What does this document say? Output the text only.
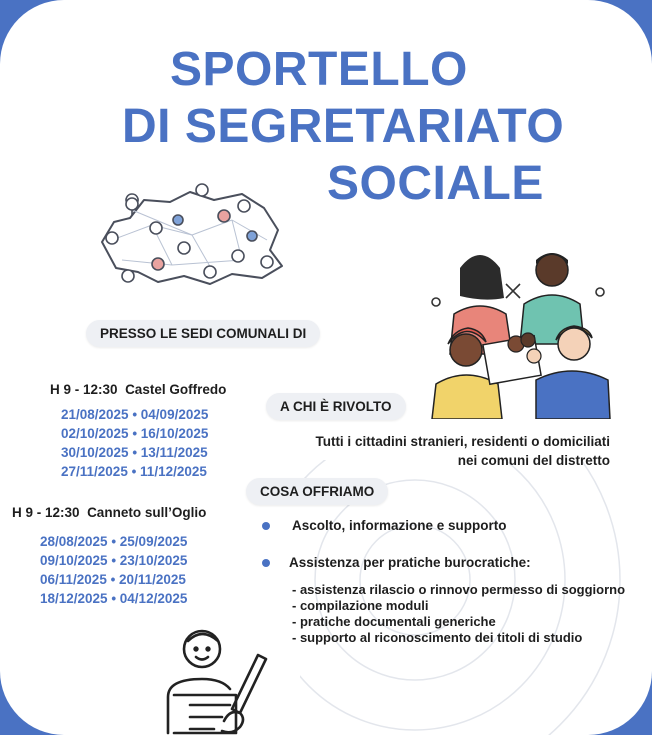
SPORTELLO
DI SEGRETARIATO
SOCIALE
PRESSO LE SEDI COMUNALI DI
H 9 - 12:30 Castel Goffredo
21/08/2025 • 04/09/2025
02/10/2025 • 16/10/2025
30/10/2025 • 13/11/2025
27/11/2025 • 11/12/2025
H 9 - 12:30 Canneto sull’Oglio
28/08/2025 • 25/09/2025
09/10/2025 • 23/10/2025
06/11/2025 • 20/11/2025
18/12/2025 • 04/12/2025
A CHI È RIVOLTO
Tutti i cittadini stranieri, residenti o domiciliati
nei comuni del distretto
COSA OFFRIAMO
Ascolto, informazione e supporto
Assistenza per pratiche burocratiche:
- assistenza rilascio o rinnovo permesso di soggiorno
- compilazione moduli
- pratiche documentali generiche
- supporto al riconoscimento dei titoli di studio
